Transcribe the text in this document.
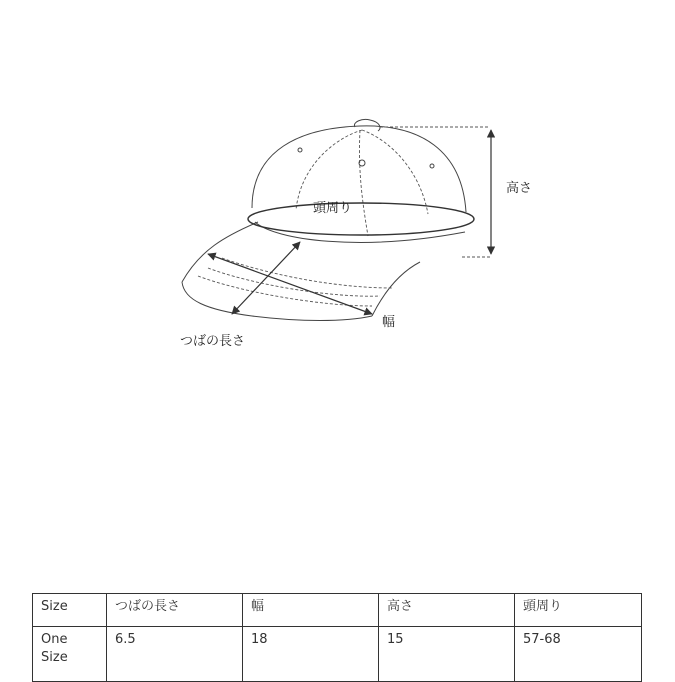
高さ
頭周り
幅
つばの長さ
Size	つばの長さ	幅	高さ	頭周り
One Size	6.5	18	15	57-68
